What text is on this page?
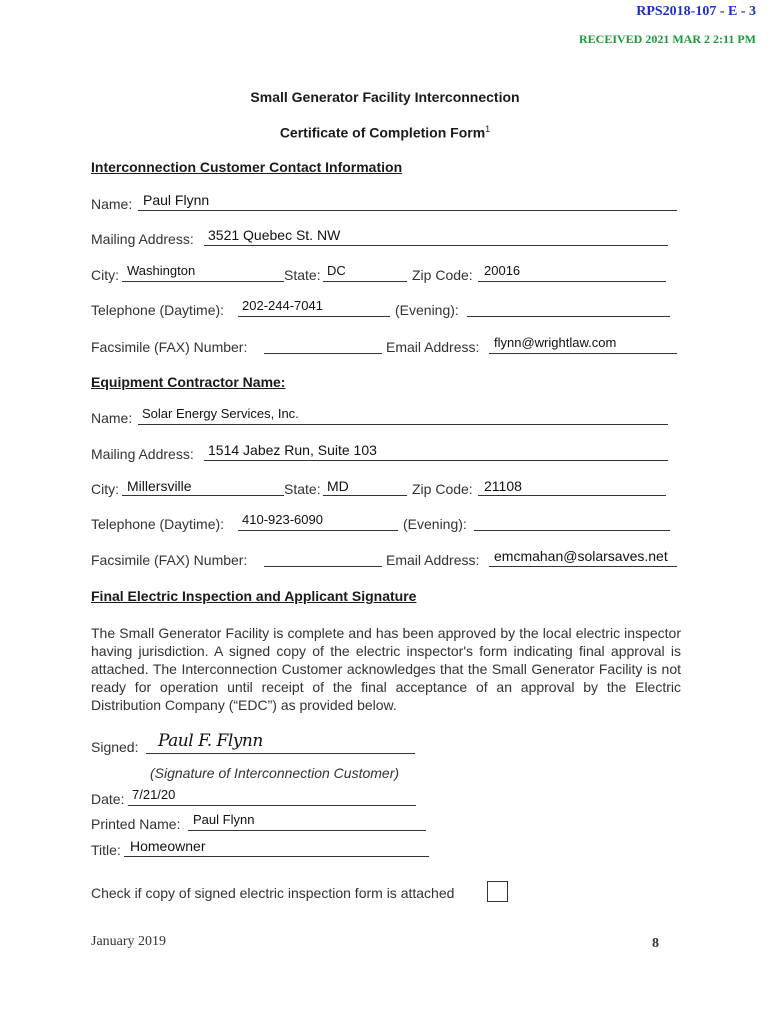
RPS2018-107 - E - 3
RECEIVED 2021 MAR 2 2:11 PM
Small Generator Facility Interconnection
Certificate of Completion Form$^1$
Interconnection Customer Contact Information
Name: Paul Flynn
Mailing Address: 3521 Quebec St. NW
City: Washington	State: DC	Zip Code: 20016
Telephone (Daytime): 202-244-7041	(Evening):
Facsimile (FAX) Number:	Email Address: flynn@wrightlaw.com
Equipment Contractor Name:
Name: Solar Energy Services, Inc.
Mailing Address: 1514 Jabez Run, Suite 103
City: Millersville	State: MD	Zip Code: 21108
Telephone (Daytime): 410-923-6090	(Evening):
Facsimile (FAX) Number:	Email Address: emcmahan@solarsaves.net
Final Electric Inspection and Applicant Signature
The Small Generator Facility is complete and has been approved by the local electric inspector having jurisdiction. A signed copy of the electric inspector's form indicating final approval is attached. The Interconnection Customer acknowledges that the Small Generator Facility is not ready for operation until receipt of the final acceptance of an approval by the Electric Distribution Company (“EDC”) as provided below.
Signed: Paul F. Flynn
(Signature of Interconnection Customer)
Date: 7/21/20
Printed Name: Paul Flynn
Title: Homeowner
Check if copy of signed electric inspection form is attached
January 2019	8
